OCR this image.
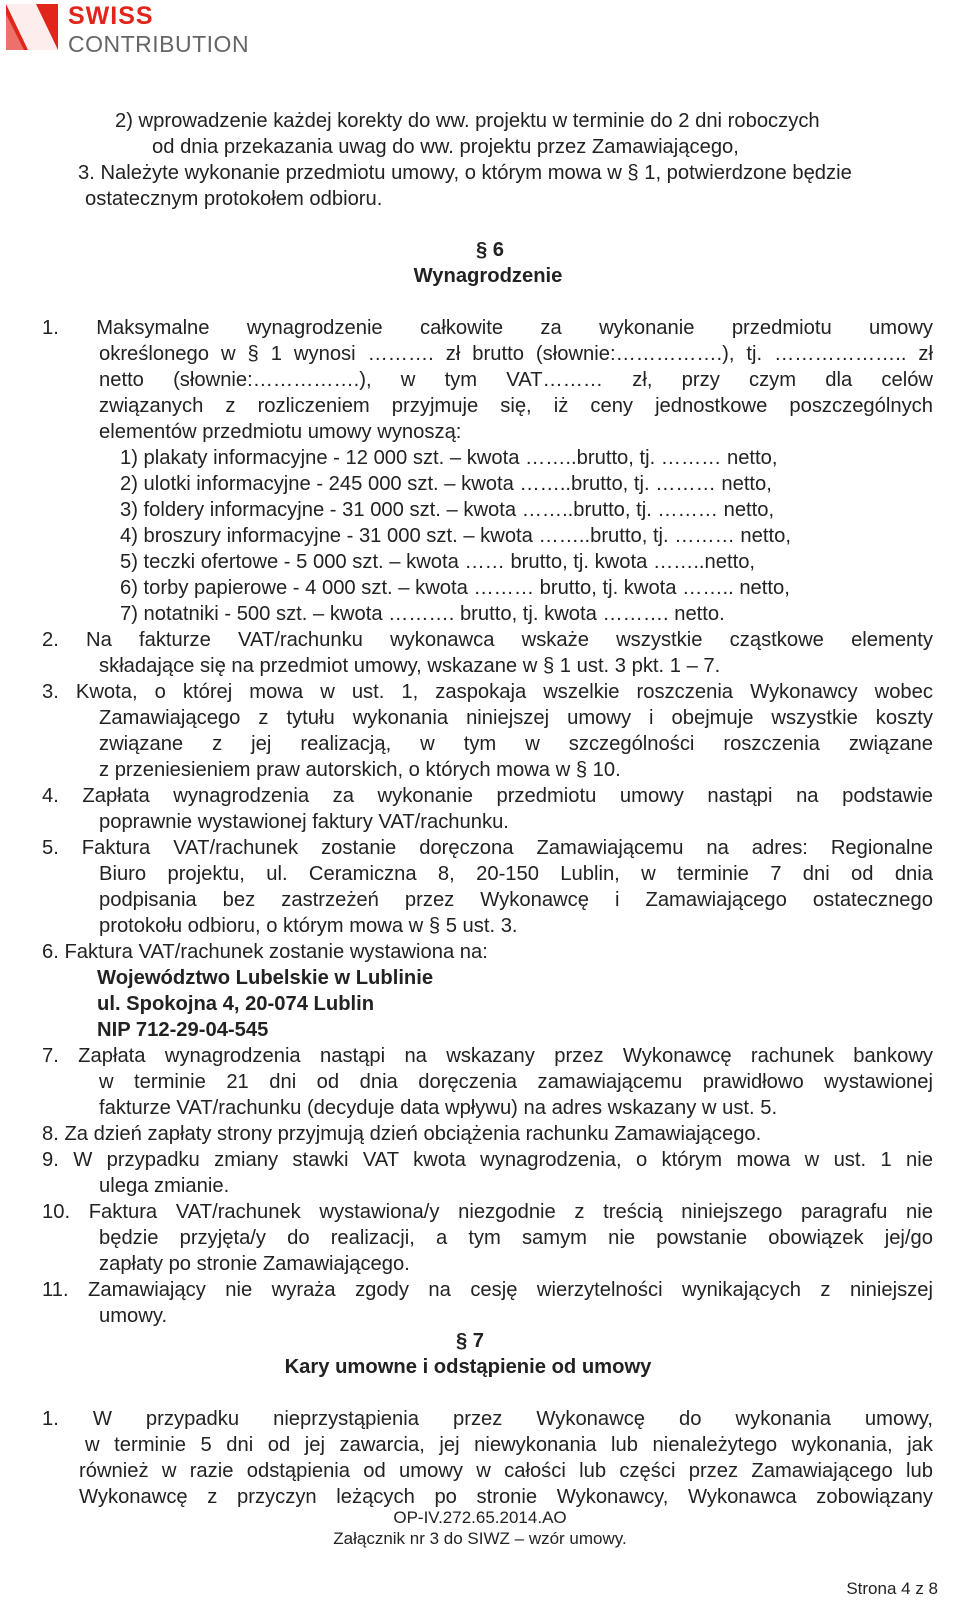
SWISS
CONTRIBUTION
2) wprowadzenie każdej korekty do ww. projektu w terminie do 2 dni roboczych
od dnia przekazania uwag do ww. projektu przez Zamawiającego,
3. Należyte wykonanie przedmiotu umowy, o którym mowa w § 1, potwierdzone będzie
ostatecznym protokołem odbioru.
§ 6
Wynagrodzenie
1. Maksymalne wynagrodzenie całkowite za wykonanie przedmiotu umowy
określonego w § 1 wynosi ………. zł brutto (słownie:…………….), tj. ……………….. zł
netto (słownie:…………….), w tym VAT……… zł, przy czym dla celów
związanych z rozliczeniem przyjmuje się, iż ceny jednostkowe poszczególnych
elementów przedmiotu umowy wynoszą:
1) plakaty informacyjne - 12 000 szt. – kwota ……..brutto, tj. ……… netto,
2) ulotki informacyjne - 245 000 szt. – kwota ……..brutto, tj. ……… netto,
3) foldery informacyjne - 31 000 szt. – kwota ……..brutto, tj. ……… netto,
4) broszury informacyjne - 31 000 szt. – kwota ……..brutto, tj. ……… netto,
5) teczki ofertowe - 5 000 szt. – kwota …… brutto, tj. kwota ……..netto,
6) torby papierowe - 4 000 szt. – kwota ……… brutto, tj. kwota …….. netto,
7) notatniki - 500 szt. – kwota ………. brutto, tj. kwota ………. netto.
2. Na fakturze VAT/rachunku wykonawca wskaże wszystkie cząstkowe elementy
składające się na przedmiot umowy, wskazane w § 1 ust. 3 pkt. 1 – 7.
3. Kwota, o której mowa w ust. 1, zaspokaja wszelkie roszczenia Wykonawcy wobec
Zamawiającego z tytułu wykonania niniejszej umowy i obejmuje wszystkie koszty
związane z jej realizacją, w tym w szczególności roszczenia związane
z przeniesieniem praw autorskich, o których mowa w § 10.
4. Zapłata wynagrodzenia za wykonanie przedmiotu umowy nastąpi na podstawie
poprawnie wystawionej faktury VAT/rachunku.
5. Faktura VAT/rachunek zostanie doręczona Zamawiającemu na adres: Regionalne
Biuro projektu, ul. Ceramiczna 8, 20-150 Lublin, w terminie 7 dni od dnia
podpisania bez zastrzeżeń przez Wykonawcę i Zamawiającego ostatecznego
protokołu odbioru, o którym mowa w § 5 ust. 3.
6. Faktura VAT/rachunek zostanie wystawiona na:
Województwo Lubelskie w Lublinie
ul. Spokojna 4, 20-074 Lublin
NIP 712-29-04-545
7. Zapłata wynagrodzenia nastąpi na wskazany przez Wykonawcę rachunek bankowy
w terminie 21 dni od dnia doręczenia zamawiającemu prawidłowo wystawionej
fakturze VAT/rachunku (decyduje data wpływu) na adres wskazany w ust. 5.
8. Za dzień zapłaty strony przyjmują dzień obciążenia rachunku Zamawiającego.
9. W przypadku zmiany stawki VAT kwota wynagrodzenia, o którym mowa w ust. 1 nie
ulega zmianie.
10. Faktura VAT/rachunek wystawiona/y niezgodnie z treścią niniejszego paragrafu nie
będzie przyjęta/y do realizacji, a tym samym nie powstanie obowiązek jej/go
zapłaty po stronie Zamawiającego.
11. Zamawiający nie wyraża zgody na cesję wierzytelności wynikających z niniejszej
umowy.
§ 7
Kary umowne i odstąpienie od umowy
1. W przypadku nieprzystąpienia przez Wykonawcę do wykonania umowy,
w terminie 5 dni od jej zawarcia, jej niewykonania lub nienależytego wykonania, jak
również w razie odstąpienia od umowy w całości lub części przez Zamawiającego lub
Wykonawcę z przyczyn leżących po stronie Wykonawcy, Wykonawca zobowiązany
OP-IV.272.65.2014.AO
Załącznik nr 3 do SIWZ – wzór umowy.
Strona 4 z 8
